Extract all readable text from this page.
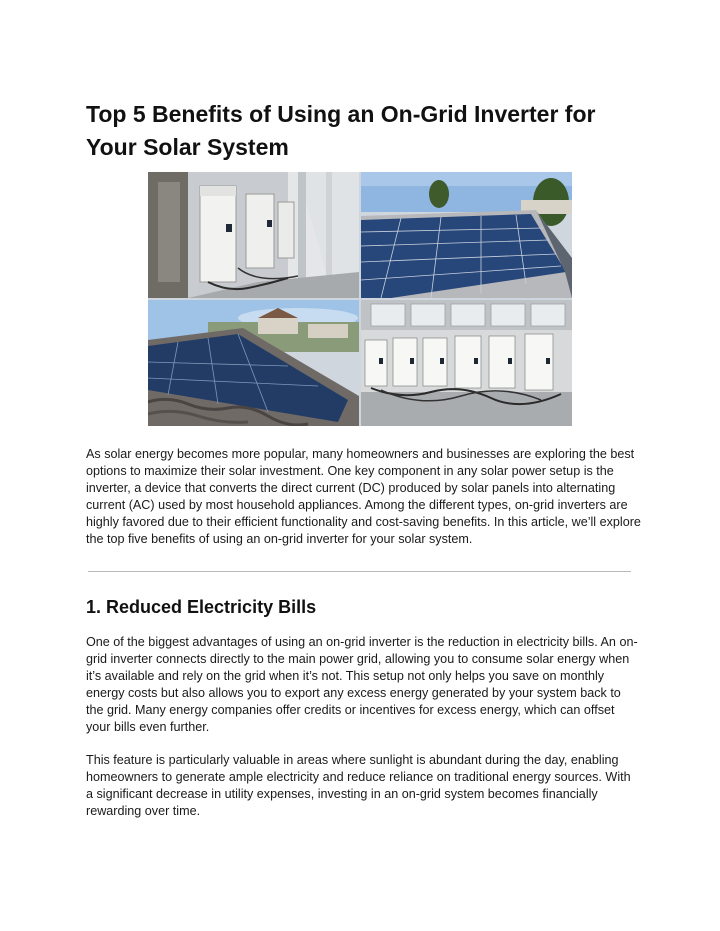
Top 5 Benefits of Using an On-Grid Inverter for Your Solar System

As solar energy becomes more popular, many homeowners and businesses are exploring the best options to maximize their solar investment. One key component in any solar power setup is the inverter, a device that converts the direct current (DC) produced by solar panels into alternating current (AC) used by most household appliances. Among the different types, on-grid inverters are highly favored due to their efficient functionality and cost-saving benefits. In this article, we’ll explore the top five benefits of using an on-grid inverter for your solar system.

1. Reduced Electricity Bills

One of the biggest advantages of using an on-grid inverter is the reduction in electricity bills. An on-grid inverter connects directly to the main power grid, allowing you to consume solar energy when it’s available and rely on the grid when it’s not. This setup not only helps you save on monthly energy costs but also allows you to export any excess energy generated by your system back to the grid. Many energy companies offer credits or incentives for excess energy, which can offset your bills even further.

This feature is particularly valuable in areas where sunlight is abundant during the day, enabling homeowners to generate ample electricity and reduce reliance on traditional energy sources. With a significant decrease in utility expenses, investing in an on-grid system becomes financially rewarding over time.
